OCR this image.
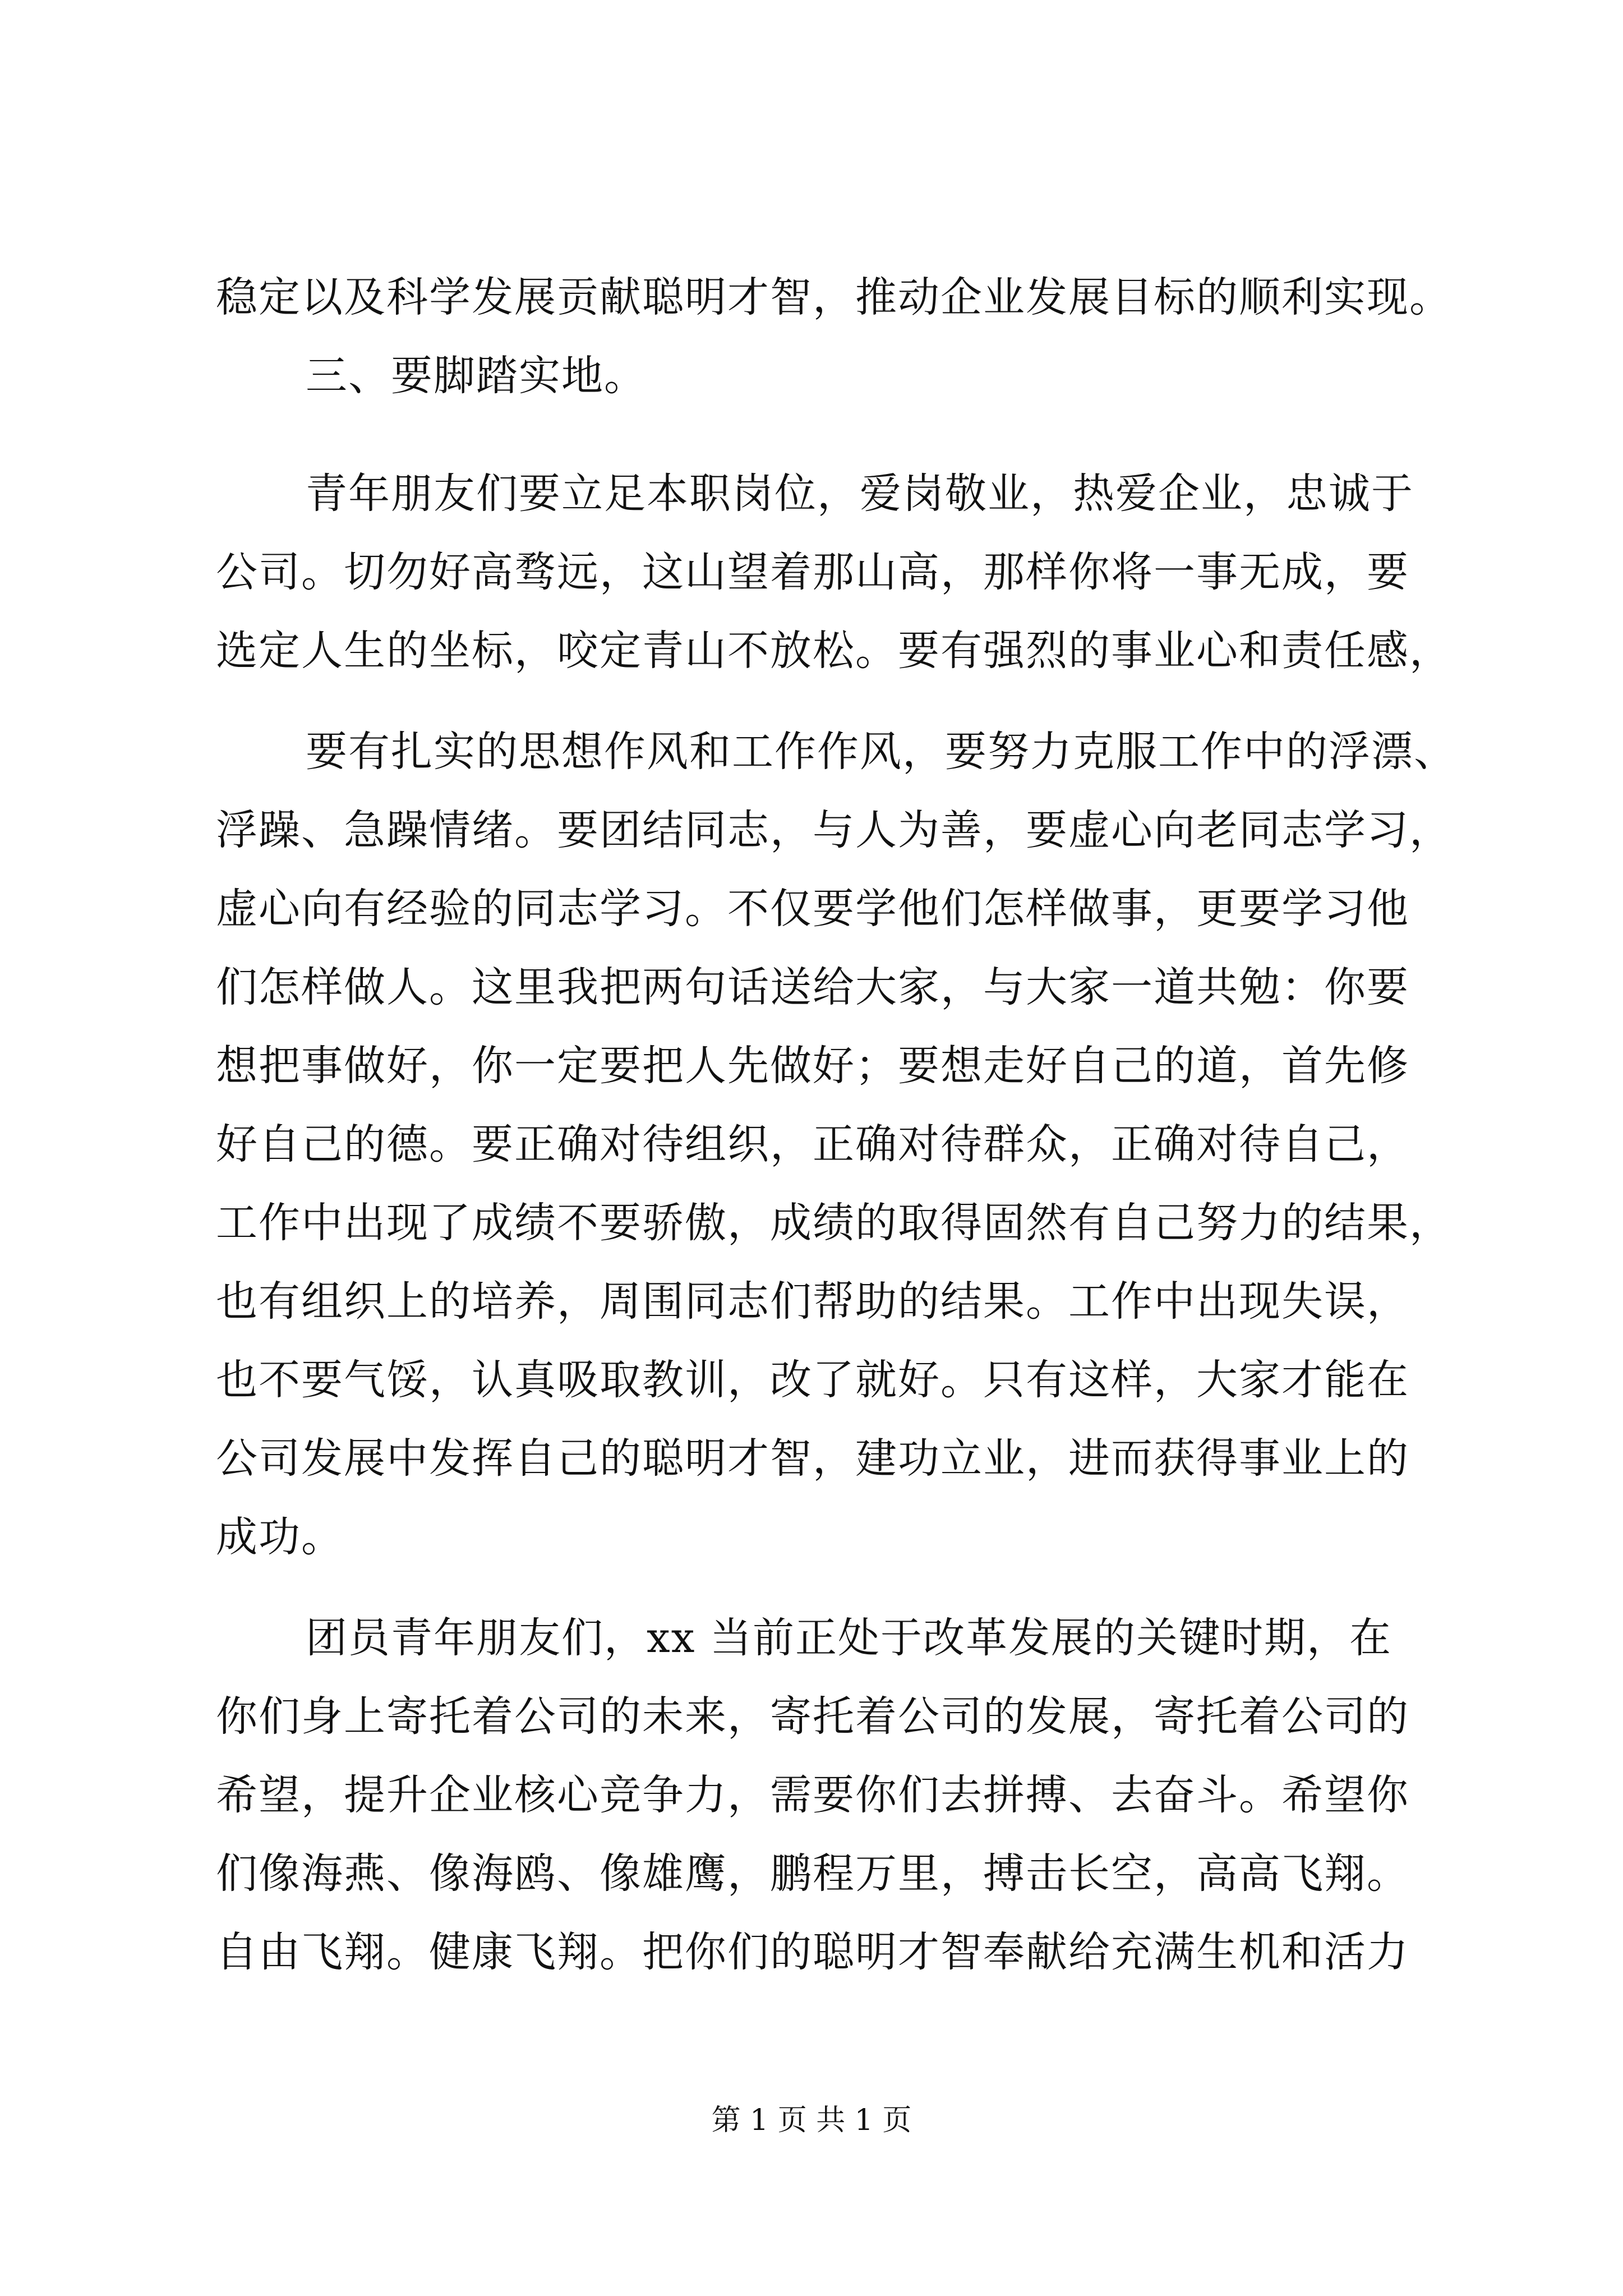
稳定以及科学发展贡献聪明才智，推动企业发展目标的顺利实现。
三、要脚踏实地。
青年朋友们要立足本职岗位，爱岗敬业，热爱企业，忠诚于
公司。切勿好高骛远，这山望着那山高，那样你将一事无成，要
选定人生的坐标，咬定青山不放松。要有强烈的事业心和责任感，
要有扎实的思想作风和工作作风，要努力克服工作中的浮漂、
浮躁、急躁情绪。要团结同志，与人为善，要虚心向老同志学习，
虚心向有经验的同志学习。不仅要学他们怎样做事，更要学习他
们怎样做人。这里我把两句话送给大家，与大家一道共勉：你要
想把事做好，你一定要把人先做好；要想走好自己的道，首先修
好自己的德。要正确对待组织，正确对待群众，正确对待自己，
工作中出现了成绩不要骄傲，成绩的取得固然有自己努力的结果，
也有组织上的培养，周围同志们帮助的结果。工作中出现失误，
也不要气馁，认真吸取教训，改了就好。只有这样，大家才能在
公司发展中发挥自己的聪明才智，建功立业，进而获得事业上的
成功。
团员青年朋友们，xx 当前正处于改革发展的关键时期，在
你们身上寄托着公司的未来，寄托着公司的发展，寄托着公司的
希望，提升企业核心竞争力，需要你们去拼搏、去奋斗。希望你
们像海燕、像海鸥、像雄鹰，鹏程万里，搏击长空，高高飞翔。
自由飞翔。健康飞翔。把你们的聪明才智奉献给充满生机和活力
第 1 页 共 1 页
